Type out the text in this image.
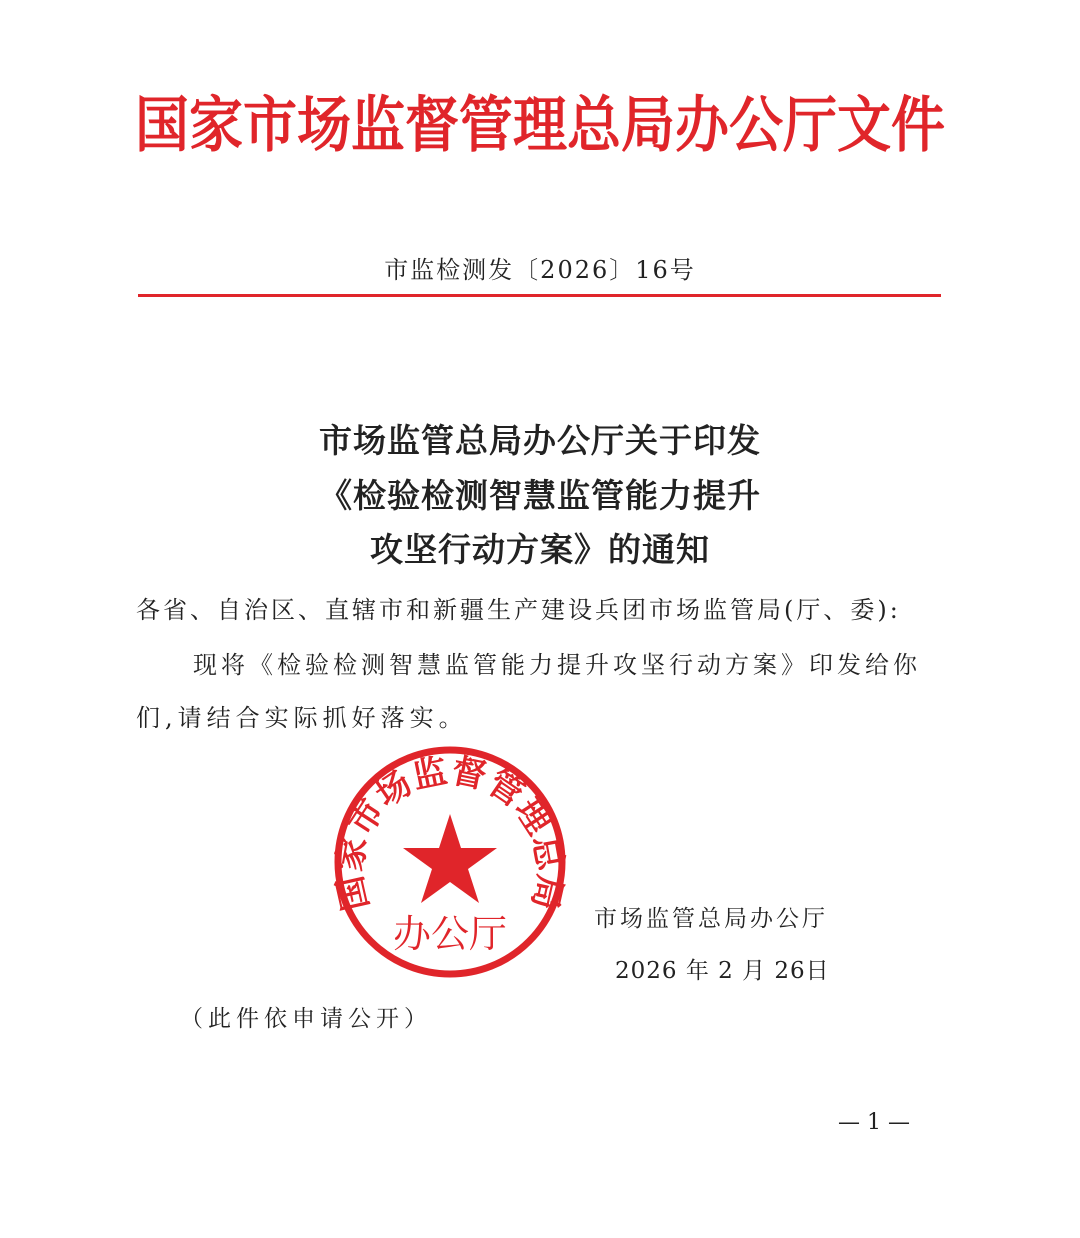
国家市场监督管理总局办公厅文件
市监检测发〔2026〕16号
市场监管总局办公厅关于印发
《检验检测智慧监管能力提升
攻坚行动方案》的通知
各省、自治区、直辖市和新疆生产建设兵团市场监管局(厅、委):
现将《检验检测智慧监管能力提升攻坚行动方案》印发给你
们,请结合实际抓好落实。
国家市场监督管理总局
办公厅	市场监管总局办公厅
2026 年 2 月 26日
（此件依申请公开）
— 1 —
